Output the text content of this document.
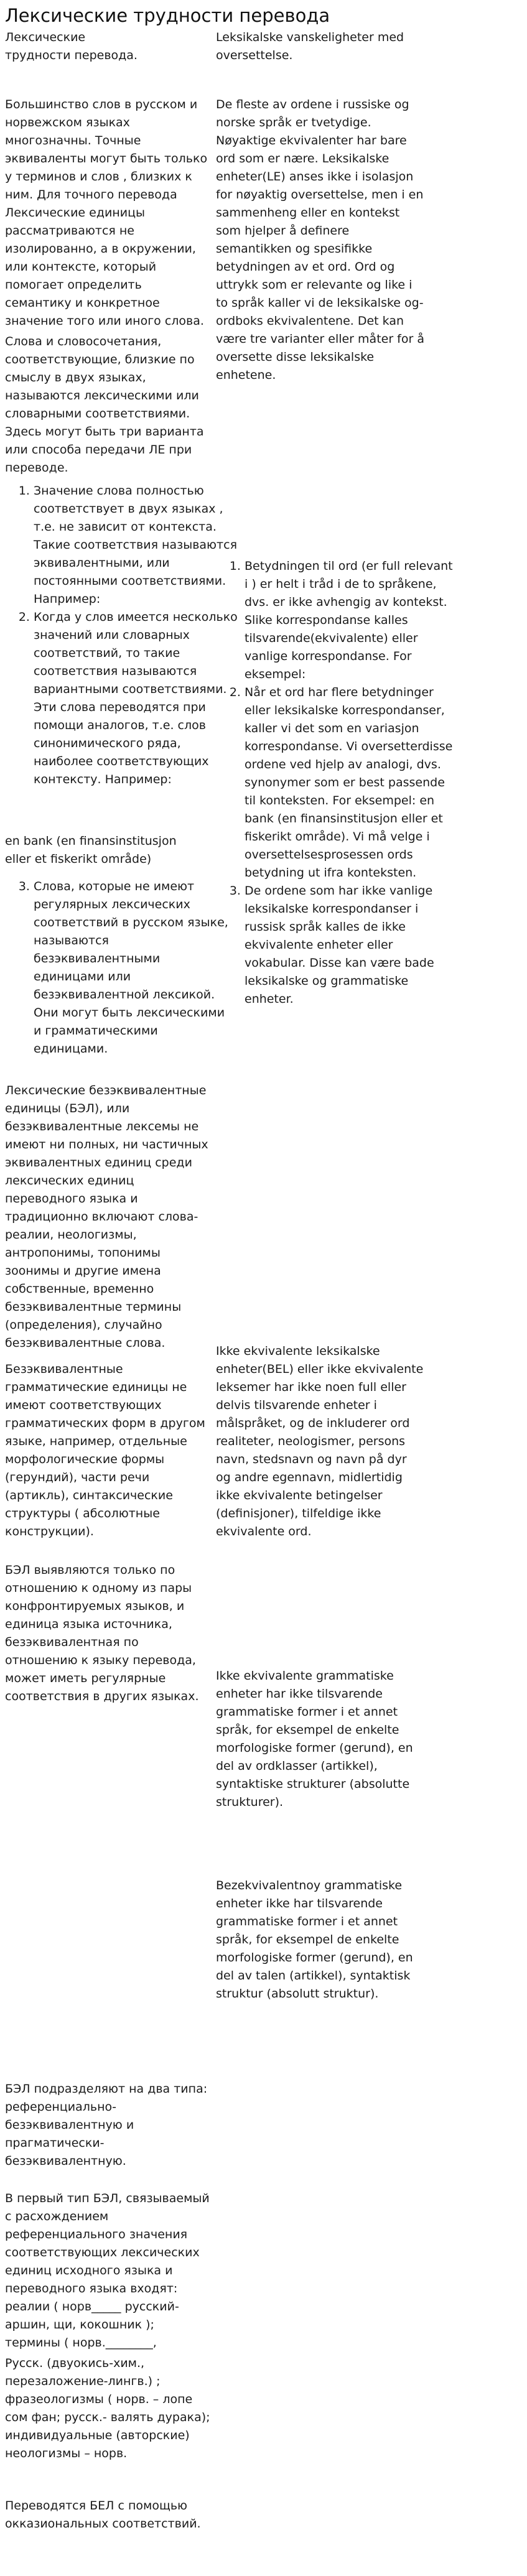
Лексические трудности перевода

Лексические трудности перевода.

Большинство слов в русском и норвежском языках многозначны. Точные эквиваленты могут быть только у терминов и слов , близких к ним. Для точного перевода Лексические единицы рассматриваются не изолированно, а в окружении, или контексте, который помогает определить семантику и конкретное значение того или иного слова.

Слова и словосочетания, соответствующие, близкие по смыслу в двух языках, называются лексическими или словарными соответствиями. Здесь могут быть три варианта или способа передачи ЛЕ при переводе.

1. Значение слова полностью соответствует в двух языках , т.е. не зависит от контекста. Такие соответствия называются эквивалентными, или постоянными соответствиями. Например:
2. Когда у слов имеется несколько значений или словарных соответствий, то такие соответствия называются вариантными соответствиями. Эти слова переводятся при помощи аналогов, т.е. слов синонимического ряда, наиболее соответствующих контексту. Например:

en bank (en finansinstitusjon eller et fiskerikt område)

3. Слова, которые не имеют регулярных лексических соответствий в русском языке, называются безэквивалентными единицами или безэквивалентной лексикой. Они могут быть лексическими и грамматическими единицами.

Лексические безэквивалентные единицы (БЭЛ), или безэквивалентные лексемы не имеют ни полных, ни частичных эквивалентных единиц среди лексических единиц переводного языка и традиционно включают слова-реалии, неологизмы, антропонимы, топонимы зоонимы и другие имена собственные, временно безэквивалентные термины (определения), случайно безэквивалентные слова.

Безэквивалентные грамматические единицы не имеют соответствующих грамматических форм в другом языке, например, отдельные морфологические формы (герундий), части речи (артикль), синтаксические структуры ( абсолютные конструкции).

БЭЛ выявляются только по отношению к одному из пары конфронтируемых языков, и единица языка источника, безэквивалентная по отношению к языку перевода, может иметь регулярные соответствия в других языках.

БЭЛ подразделяют на два типа: референциально-безэквивалентную и прагматически-безэквивалентную.

В первый тип БЭЛ, связываемый с расхождением референциального значения соответствующих лексических единиц исходного языка и переводного языка входят: реалии ( норв_____ русский- аршин, щи, кокошник ); термины ( норв.________,

Русск. (двуокись-хим., перезаложение-лингв.) ; фразеологизмы ( норв. – лопе сом фан; русск.- валять дурака); индивидуальные (авторские) неологизмы – норв.

Переводятся БЕЛ с помощью окказиональных соответствий.

Leksikalske vanskeligheter med oversettelse.

De fleste av ordene i russiske og norske språk er tvetydige. Nøyaktige ekvivalenter har bare ord som er nære. Leksikalske enheter(LE) anses ikke i isolasjon for nøyaktig oversettelse, men i en sammenheng eller en kontekst som hjelper å definere semantikken og spesifikke betydningen av et ord. Ord og uttrykk som er relevante og like i to språk kaller vi de leksikalske og- ordboks ekvivalentene. Det kan være tre varianter eller måter for å oversette disse leksikalske enhetene.

1. Betydningen til ord (er full relevant i ) er helt i tråd i de to språkene, dvs. er ikke avhengig av kontekst. Slike korrespondanse kalles tilsvarende(ekvivalente) eller vanlige korrespondanse. For eksempel:
2. Når et ord har flere betydninger eller leksikalske korrespondanser, kaller vi det som en variasjon korrespondanse. Vi oversetterdisse ordene ved hjelp av analogi, dvs. synonymer som er best passende til konteksten. For eksempel: en bank (en finansinstitusjon eller et fiskerikt område). Vi må velge i oversettelsesprosessen ords betydning ut ifra konteksten.
3. De ordene som har ikke vanlige leksikalske korrespondanser i russisk språk kalles de ikke ekvivalente enheter eller vokabular. Disse kan være bade leksikalske og grammatiske enheter.

Ikke ekvivalente leksikalske enheter(BEL) eller ikke ekvivalente leksemer har ikke noen full eller delvis tilsvarende enheter i målspråket, og de inkluderer ord realiteter, neologismer, persons navn, stedsnavn og navn på dyr og andre egennavn, midlertidig ikke ekvivalente betingelser (definisjoner), tilfeldige ikke ekvivalente ord.

Ikke ekvivalente grammatiske enheter har ikke tilsvarende grammatiske former i et annet språk, for eksempel de enkelte morfologiske former (gerund), en del av ordklasser (artikkel), syntaktiske strukturer (absolutte strukturer).

Bezekvivalentnoy grammatiske enheter ikke har tilsvarende grammatiske former i et annet språk, for eksempel de enkelte morfologiske former (gerund), en del av talen (artikkel), syntaktisk struktur (absolutt struktur).
